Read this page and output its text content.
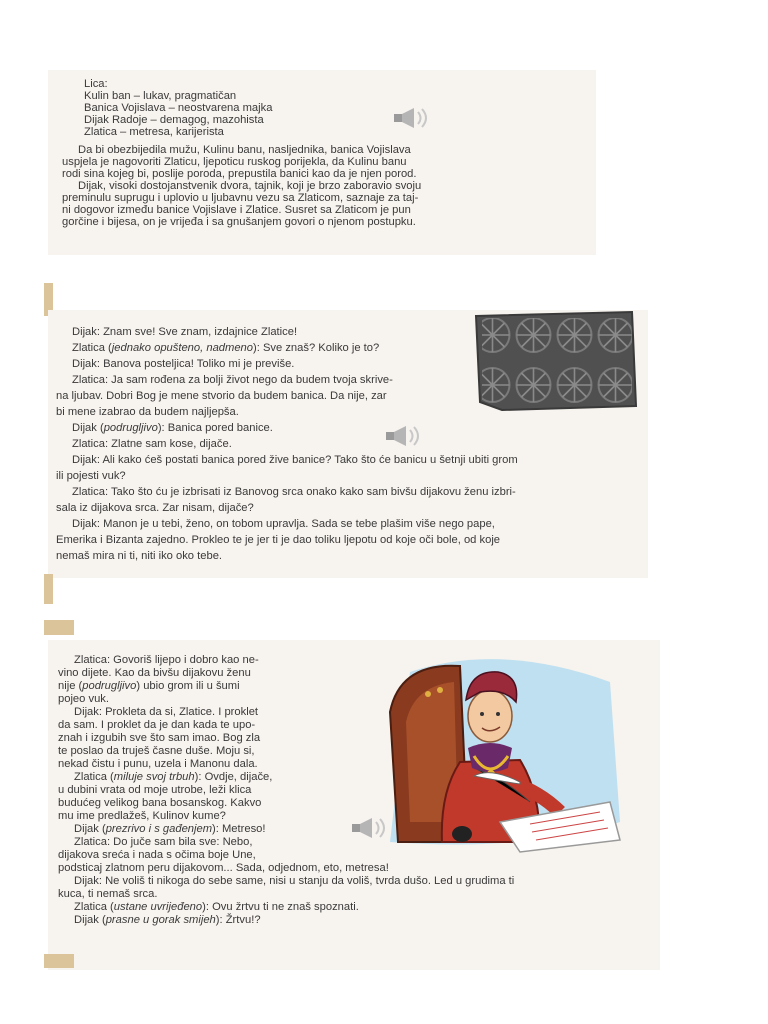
Lica:
Kulin ban – lukav, pragmatičan
Banica Vojislava – neostvarena majka
Dijak Radoje – demagog, mazohista
Zlatica – metresa, karijerista
Da bi obezbijedila mužu, Kulinu banu, nasljednika, banica Vojislava
uspjela je nagovoriti Zlaticu, ljepoticu ruskog porijekla, da Kulinu banu
rodi sina kojeg bi, poslije poroda, prepustila banici kao da je njen porod.
Dijak, visoki dostojanstvenik dvora, tajnik, koji je brzo zaboravio svoju
preminulu suprugu i uplovio u ljubavnu vezu sa Zlaticom, saznaje za taj-
ni dogovor između banice Vojislave i Zlatice. Susret sa Zlaticom je pun
gorčine i bijesa, on je vrijeđa i sa gnušanjem govori o njenom postupku.
Dijak: Znam sve! Sve znam, izdajnice Zlatice!
Zlatica (jednako opušteno, nadmeno): Sve znaš? Koliko je to?
Dijak: Banova posteljica! Toliko mi je previše.
Zlatica: Ja sam rođena za bolji život nego da budem tvoja skrive-
na ljubav. Dobri Bog je mene stvorio da budem banica. Da nije, zar
bi mene izabrao da budem najljepša.
Dijak (podrugljivo): Banica pored banice.
Zlatica: Zlatne sam kose, dijače.
Dijak: Ali kako ćeš postati banica pored žive banice? Tako što će banicu u šetnji ubiti grom
ili pojesti vuk?
Zlatica: Tako što ću je izbrisati iz Banovog srca onako kako sam bivšu dijakovu ženu izbri-
sala iz dijakova srca. Zar nisam, dijače?
Dijak: Manon je u tebi, ženo, on tobom upravlja. Sada se tebe plašim više nego pape,
Emerika i Bizanta zajedno. Prokleo te je jer ti je dao toliku ljepotu od koje oči bole, od koje
nemaš mira ni ti, niti iko oko tebe.
Zlatica: Govoriš lijepo i dobro kao ne-
vino dijete. Kao da bivšu dijakovu ženu
nije (podrugljivo) ubio grom ili u šumi
pojeo vuk.
Dijak: Prokleta da si, Zlatice. I proklet
da sam. I proklet da je dan kada te upo-
znah i izgubih sve što sam imao. Bog zla
te poslao da truješ časne duše. Moju si,
nekad čistu i punu, uzela i Manonu dala.
Zlatica (miluje svoj trbuh): Ovdje, dijače,
u dubini vrata od moje utrobe, leži klica
budućeg velikog bana bosanskog. Kakvo
mu ime predlažeš, Kulinov kume?
Dijak (prezrivo i s gađenjem): Metreso!
Zlatica: Do juče sam bila sve: Nebo,
dijakova sreća i nada s očima boje Une,
podsticaj zlatnom peru dijakovom... Sada, odjednom, eto, metresa!
Dijak: Ne voliš ti nikoga do sebe same, nisi u stanju da voliš, tvrda dušo. Led u grudima ti
kuca, ti nemaš srca.
Zlatica (ustane uvrijeđeno): Ovu žrtvu ti ne znaš spoznati.
Dijak (prasne u gorak smijeh): Žrtvu!?
